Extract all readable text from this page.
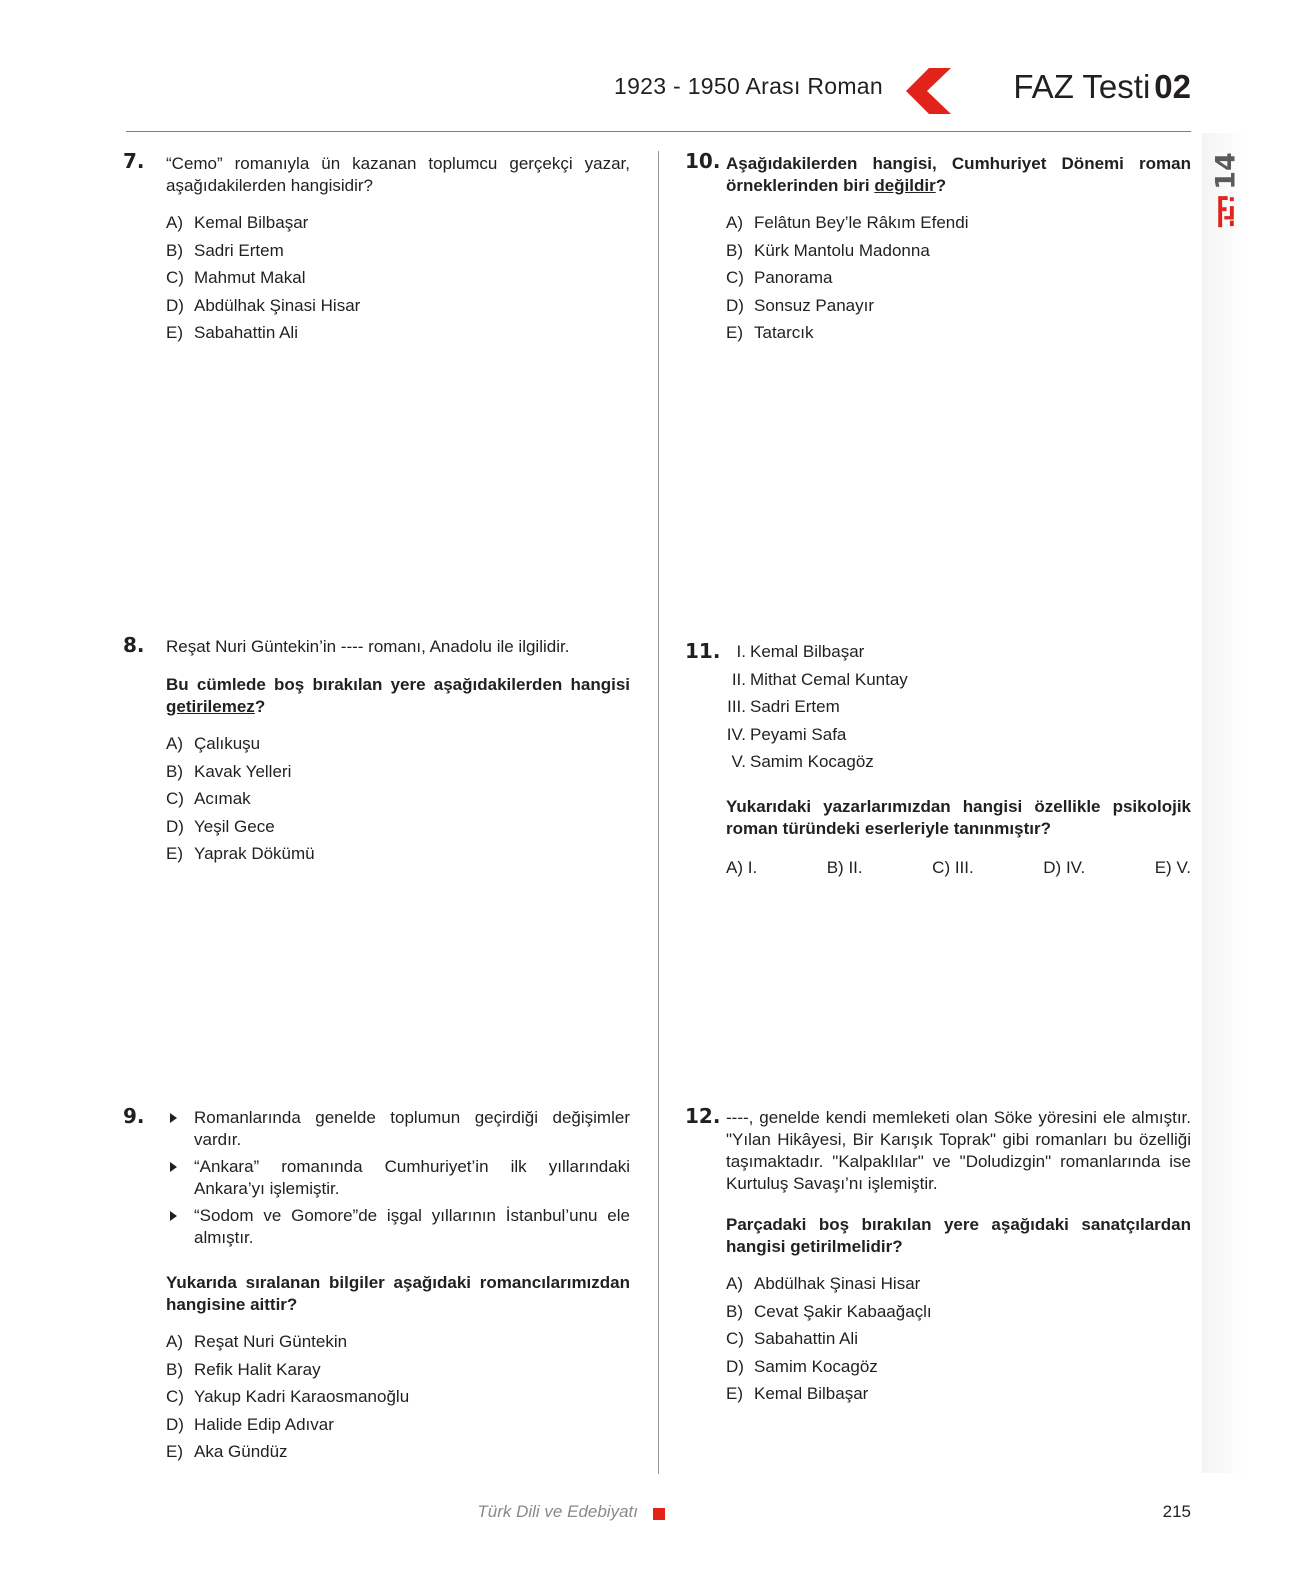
1923 - 1950 Arası Roman	FAZ Testi 02
14
7. “Cemo” romanıyla ün kazanan toplumcu gerçekçi yazar, aşağıdakilerden hangisidir?
A) Kemal Bilbaşar
B) Sadri Ertem
C) Mahmut Makal
D) Abdülhak Şinasi Hisar
E) Sabahattin Ali
8. Reşat Nuri Güntekin’in ---- romanı, Anadolu ile ilgilidir.
Bu cümlede boş bırakılan yere aşağıdakilerden hangisi getirilemez?
A) Çalıkuşu
B) Kavak Yelleri
C) Acımak
D) Yeşil Gece
E) Yaprak Dökümü
9.	Romanlarında genelde toplumun geçirdiği değişimler vardır.
“Ankara” romanında Cumhuriyet’in ilk yıllarındaki Ankara’yı işlemiştir.
“Sodom ve Gomore”de işgal yıllarının İstanbul’unu ele almıştır.
Yukarıda sıralanan bilgiler aşağıdaki romancılarımızdan hangisine aittir?
A) Reşat Nuri Güntekin
B) Refik Halit Karay
C) Yakup Kadri Karaosmanoğlu
D) Halide Edip Adıvar
E) Aka Gündüz
10. Aşağıdakilerden hangisi, Cumhuriyet Dönemi roman örneklerinden biri değildir?
A) Felâtun Bey’le Râkım Efendi
B) Kürk Mantolu Madonna
C) Panorama
D) Sonsuz Panayır
E) Tatarcık
11. I. Kemal Bilbaşar
II. Mithat Cemal Kuntay
III. Sadri Ertem
IV. Peyami Safa
V. Samim Kocagöz
Yukarıdaki yazarlarımızdan hangisi özellikle psikolojik roman türündeki eserleriyle tanınmıştır?
A) I.	B) II.	C) III.	D) IV.	E) V.
12. ----, genelde kendi memleketi olan Söke yöresini ele almıştır. "Yılan Hikâyesi, Bir Karışık Toprak" gibi romanları bu özelliği taşımaktadır. "Kalpaklılar" ve "Doludizgin" romanlarında ise Kurtuluş Savaşı’nı işlemiştir.
Parçadaki boş bırakılan yere aşağıdaki sanatçılardan hangisi getirilmelidir?
A) Abdülhak Şinasi Hisar
B) Cevat Şakir Kabaağaçlı
C) Sabahattin Ali
D) Samim Kocagöz
E) Kemal Bilbaşar
Türk Dili ve Edebiyatı	215
